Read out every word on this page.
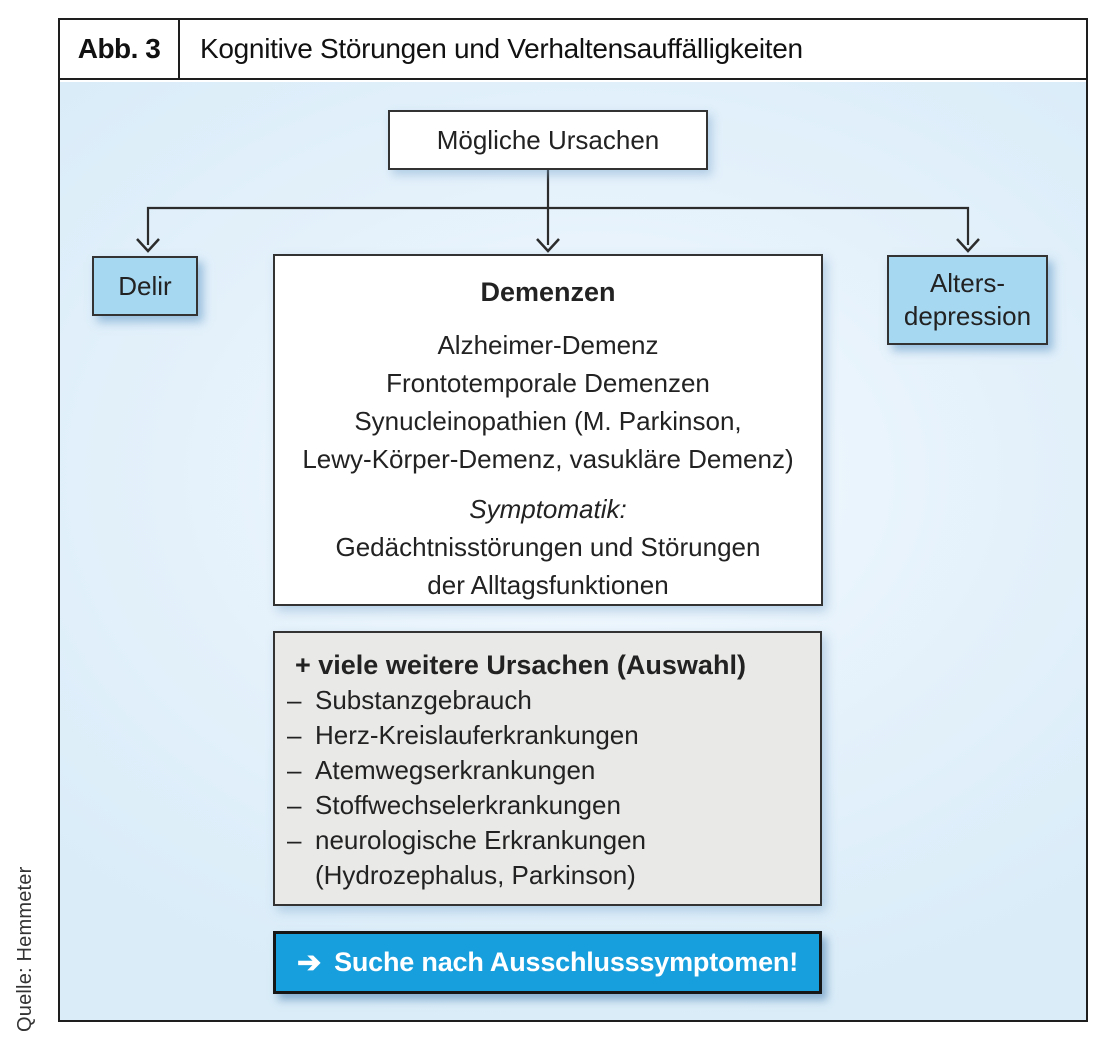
Quelle: Hemmeter
Abb. 3	Kognitive Störungen und Verhaltensauffälligkeiten
Mögliche Ursachen
Delir	Alters-
depression
Demenzen
Alzheimer-Demenz
Frontotemporale Demenzen
Synucleinopathien (M. Parkinson,
Lewy-Körper-Demenz, vasukläre Demenz)
Symptomatik:
Gedächtnisstörungen und Störungen
der Alltagsfunktionen
+ viele weitere Ursachen (Auswahl)
– Substanzgebrauch
– Herz-Kreislauferkrankungen
– Atemwegserkrankungen
– Stoffwechselerkrankungen
– neurologische Erkrankungen
(Hydrozephalus, Parkinson)
➔ Suche nach Ausschlusssymptomen!
